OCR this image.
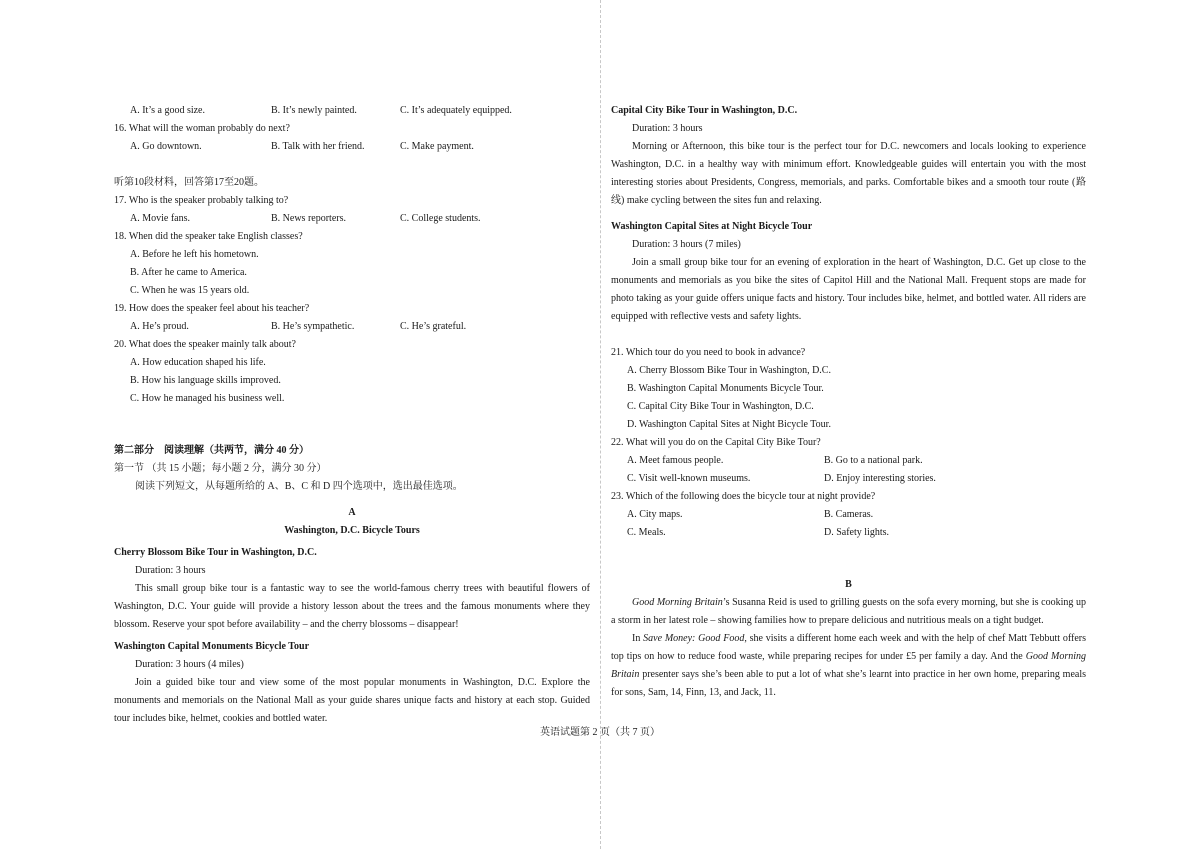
A. It’s a good size.	B. It’s newly painted.	C. It’s adequately equipped.
16. What will the woman probably do next?
A. Go downtown.	B. Talk with her friend.	C. Make payment.
听第10段材料，回答第17至20题。
17. Who is the speaker probably talking to?
A. Movie fans.	B. News reporters.	C. College students.
18. When did the speaker take English classes?
A. Before he left his hometown.
B. After he came to America.
C. When he was 15 years old.
19. How does the speaker feel about his teacher?
A. He’s proud.	B. He’s sympathetic.	C. He’s grateful.
20. What does the speaker mainly talk about?
A. How education shaped his life.
B. How his language skills improved.
C. How he managed his business well.
第二部分　阅读理解（共两节，满分 40 分）
第一节 （共 15 小题；每小题 2 分，满分 30 分）
阅读下列短文，从每题所给的 A、B、C 和 D 四个选项中，选出最佳选项。
A
Washington, D.C. Bicycle Tours
Cherry Blossom Bike Tour in Washington, D.C.
Duration: 3 hours

This small group bike tour is a fantastic way to see the world-famous cherry trees with beautiful flowers of Washington, D.C. Your guide will provide a history lesson about the trees and the famous monuments where they blossom. Reserve your spot before availability – and the cherry blossoms – disappear!

Washington Capital Monuments Bicycle Tour
Duration: 3 hours (4 miles)

Join a guided bike tour and view some of the most popular monuments in Washington, D.C. Explore the monuments and memorials on the National Mall as your guide shares unique facts and history at each stop. Guided tour includes bike, helmet, cookies and bottled water.

Capital City Bike Tour in Washington, D.C.
Duration: 3 hours

Morning or Afternoon, this bike tour is the perfect tour for D.C. newcomers and locals looking to experience Washington, D.C. in a healthy way with minimum effort. Knowledgeable guides will entertain you with the most interesting stories about Presidents, Congress, memorials, and parks. Comfortable bikes and a smooth tour route (路线) make cycling between the sites fun and relaxing.

Washington Capital Sites at Night Bicycle Tour
Duration: 3 hours (7 miles)

Join a small group bike tour for an evening of exploration in the heart of Washington, D.C. Get up close to the monuments and memorials as you bike the sites of Capitol Hill and the National Mall. Frequent stops are made for photo taking as your guide offers unique facts and history. Tour includes bike, helmet, and bottled water. All riders are equipped with reflective vests and safety lights.

21. Which tour do you need to book in advance?
A. Cherry Blossom Bike Tour in Washington, D.C.
B. Washington Capital Monuments Bicycle Tour.
C. Capital City Bike Tour in Washington, D.C.
D. Washington Capital Sites at Night Bicycle Tour.
22. What will you do on the Capital City Bike Tour?
A. Meet famous people.	B. Go to a national park.
C. Visit well-known museums.	D. Enjoy interesting stories.
23. Which of the following does the bicycle tour at night provide?
A. City maps.	B. Cameras.
C. Meals.	D. Safety lights.
B

Good Morning Britain’s Susanna Reid is used to grilling guests on the sofa every morning, but she is cooking up a storm in her latest role – showing families how to prepare delicious and nutritious meals on a tight budget.

In Save Money: Good Food, she visits a different home each week and with the help of chef Matt Tebbutt offers top tips on how to reduce food waste, while preparing recipes for under £5 per family a day. And the Good Morning Britain presenter says she’s been able to put a lot of what she’s learnt into practice in her own home, preparing meals for sons, Sam, 14, Finn, 13, and Jack, 11.

英语试题第 2 页（共 7 页）
